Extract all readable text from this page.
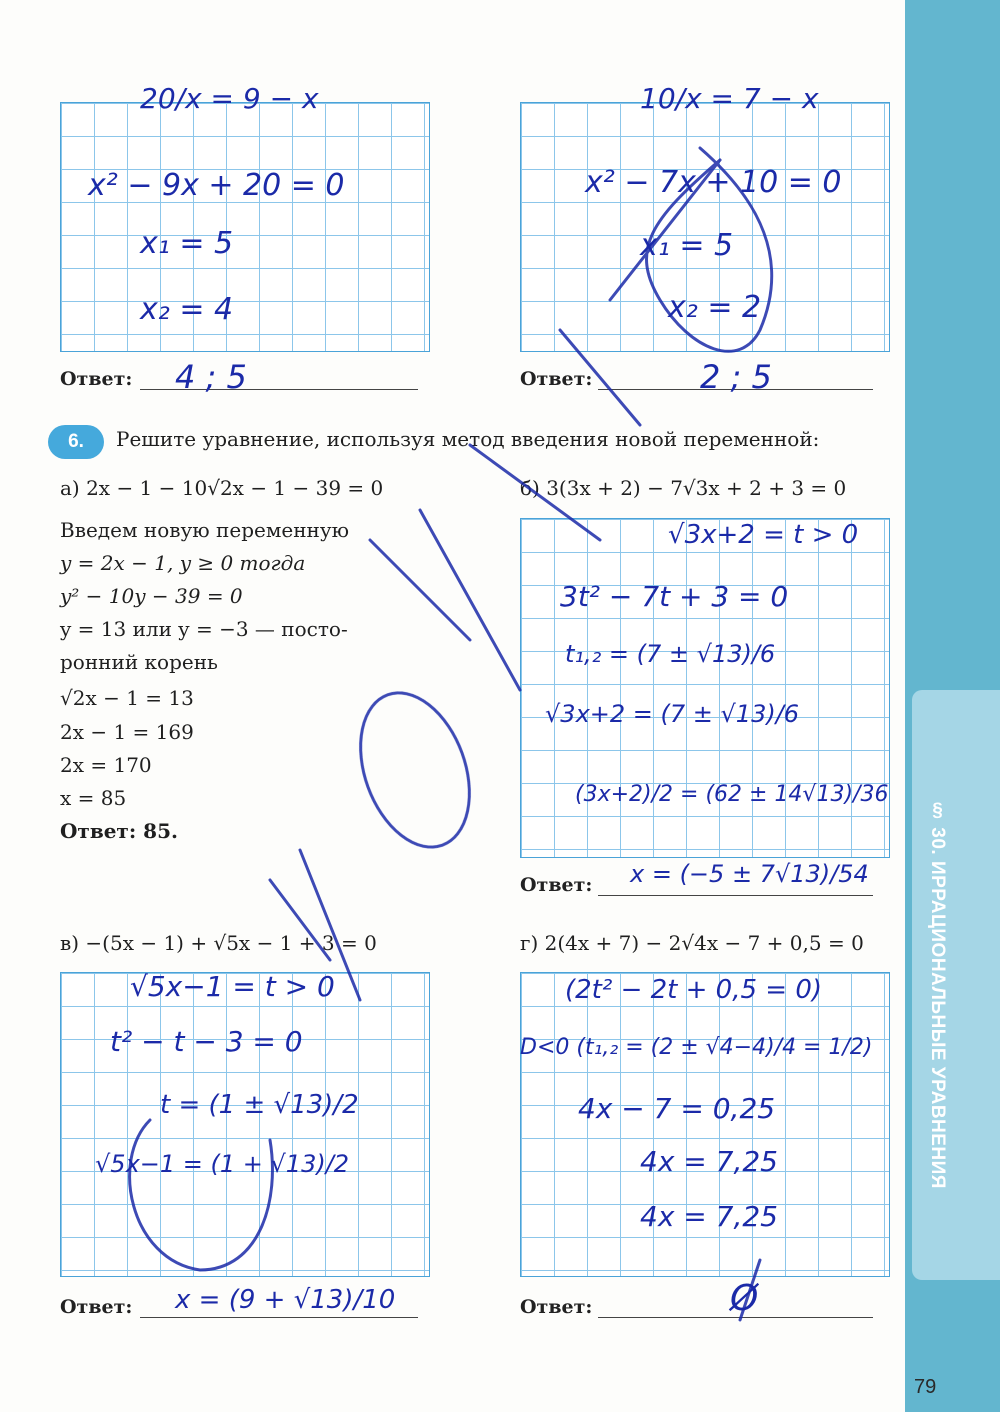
§ 30. ИРРАЦИОНАЛЬНЫЕ УРАВНЕНИЯ
79
20/x = 9 − x
x² − 9x + 20 = 0
x₁ = 5
x₂ = 4
10/x = 7 − x
x² − 7x + 10 = 0
x₁ = 5
x₂ = 2
Ответ: 4 ; 5	Ответ:	2 ; 5
6.	Решите уравнение, используя метод введения новой переменной:
а) 2x − 1 − 10√2x − 1 − 39 = 0
Введем новую переменную
y = 2x − 1, y ≥ 0 тогда
y² − 10y − 39 = 0
y = 13 или y = −3 — посто-
ронний корень
√2x − 1 = 13
2x − 1 = 169
2x = 170
x = 85
Ответ: 85.
б) 3(3x + 2) − 7√3x + 2 + 3 = 0
√3x+2 = t > 0
3t² − 7t + 3 = 0
t₁,₂ = (7 ± √13)/6
√3x+2 = (7 ± √13)/6
(3x+2)/2 = (62 ± 14√13)/36
Ответ: x = (−5 ± 7√13)/54
в) −(5x − 1) + √5x − 1 + 3 = 0
√5x−1 = t > 0
t² − t − 3 = 0
t = (1 ± √13)/2
√5x−1 = (1 + √13)/2
Ответ: x = (9 + √13)/10
г) 2(4x + 7) − 2√4x − 7 + 0,5 = 0
(2t² − 2t + 0,5 = 0)
D<0 (t₁,₂ = (2 ± √4−4)/4 = 1/2)
4x − 7 = 0,25
4x = 7,25
4x = 7,25
Ответ:	Ø
